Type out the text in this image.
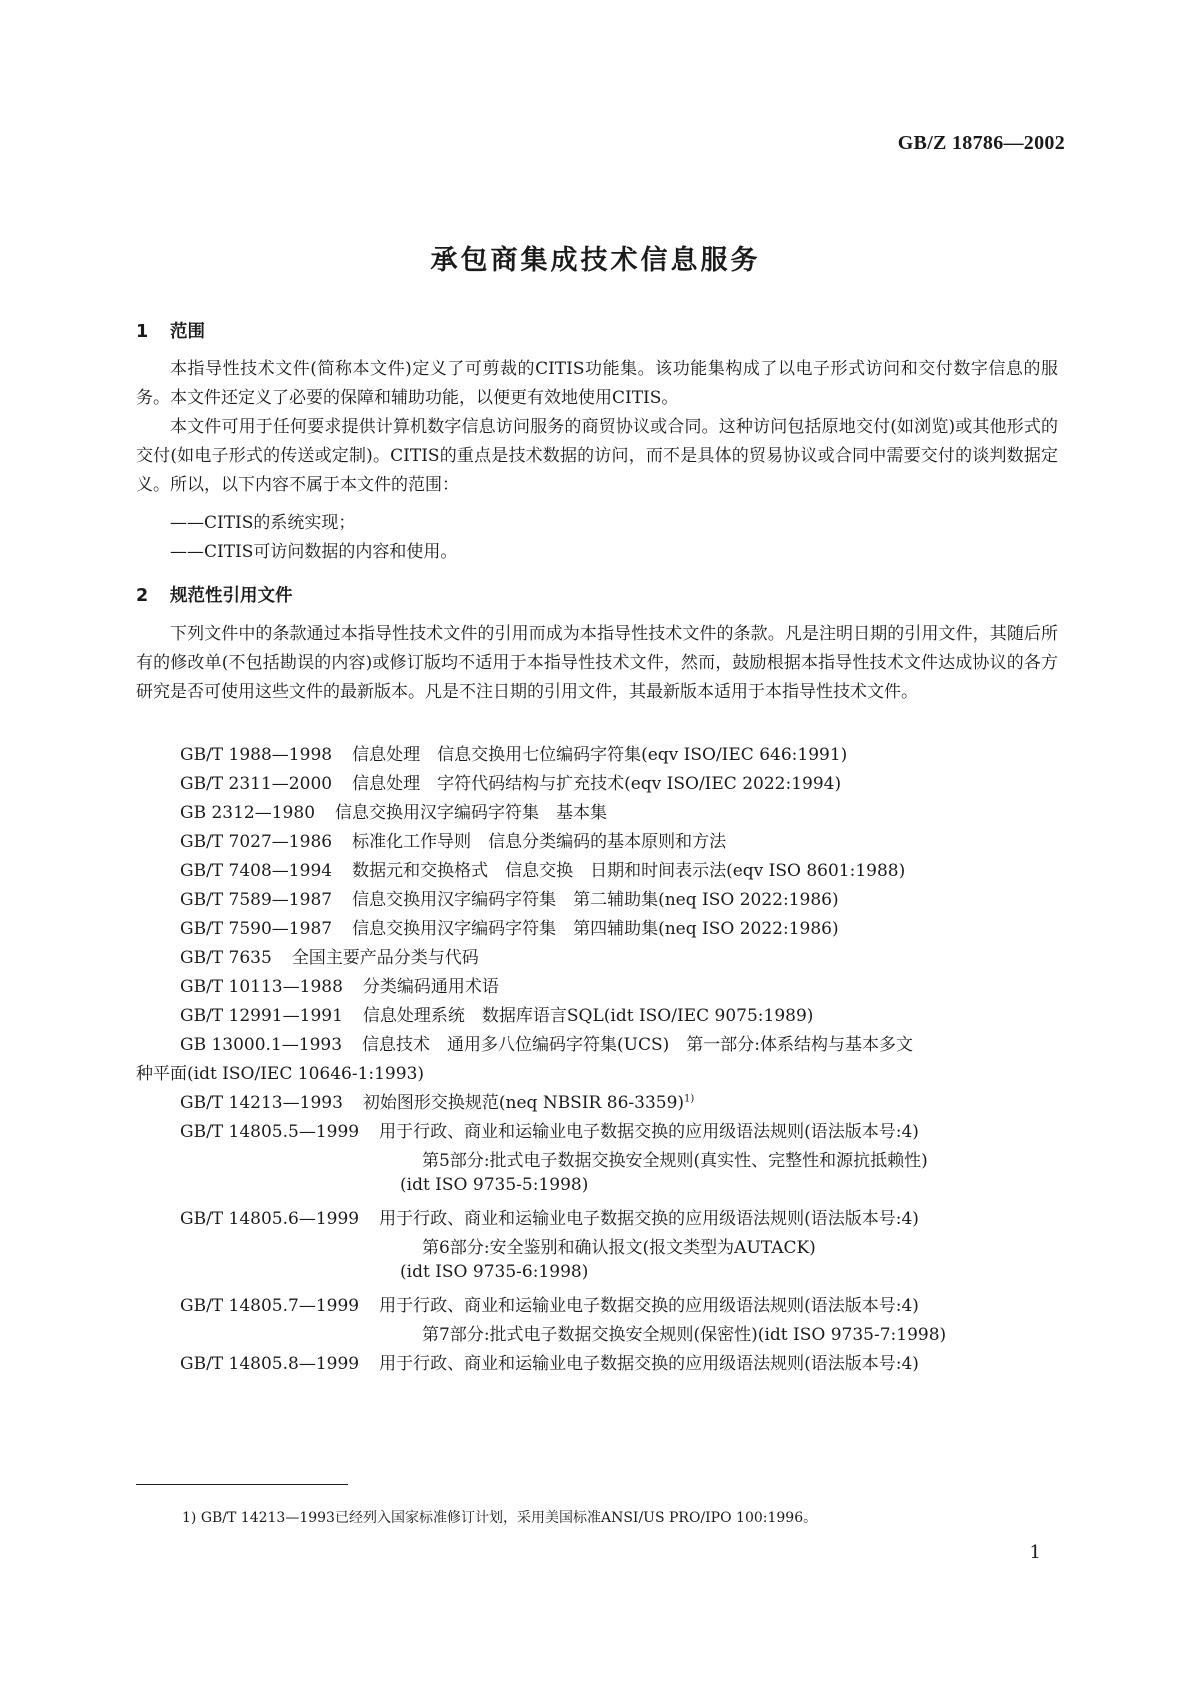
GB/Z 18786—2002
承包商集成技术信息服务
1 范围
本指导性技术文件(简称本文件)定义了可剪裁的CITIS功能集。该功能集构成了以电子形式访问和交付数字信息的服务。本文件还定义了必要的保障和辅助功能，以便更有效地使用CITIS。
本文件可用于任何要求提供计算机数字信息访问服务的商贸协议或合同。这种访问包括原地交付(如浏览)或其他形式的交付(如电子形式的传送或定制)。CITIS的重点是技术数据的访问，而不是具体的贸易协议或合同中需要交付的谈判数据定义。所以，以下内容不属于本文件的范围：
——CITIS的系统实现；
——CITIS可访问数据的内容和使用。
2 规范性引用文件
下列文件中的条款通过本指导性技术文件的引用而成为本指导性技术文件的条款。凡是注明日期的引用文件，其随后所有的修改单(不包括勘误的内容)或修订版均不适用于本指导性技术文件，然而，鼓励根据本指导性技术文件达成协议的各方研究是否可使用这些文件的最新版本。凡是不注日期的引用文件，其最新版本适用于本指导性技术文件。
GB/T 1988—1998 信息处理　信息交换用七位编码字符集(eqv ISO/IEC 646:1991)
GB/T 2311—2000 信息处理　字符代码结构与扩充技术(eqv ISO/IEC 2022:1994)
GB 2312—1980 信息交换用汉字编码字符集　基本集
GB/T 7027—1986 标准化工作导则　信息分类编码的基本原则和方法
GB/T 7408—1994 数据元和交换格式　信息交换　日期和时间表示法(eqv ISO 8601:1988)
GB/T 7589—1987 信息交换用汉字编码字符集　第二辅助集(neq ISO 2022:1986)
GB/T 7590—1987 信息交换用汉字编码字符集　第四辅助集(neq ISO 2022:1986)
GB/T 7635 全国主要产品分类与代码
GB/T 10113—1988 分类编码通用术语
GB/T 12991—1991 信息处理系统　数据库语言SQL(idt ISO/IEC 9075:1989)
GB 13000.1—1993 信息技术　通用多八位编码字符集(UCS)　第一部分:体系结构与基本多文
种平面(idt ISO/IEC 10646-1:1993)
GB/T 14213—1993 初始图形交换规范(neq NBSIR 86-3359)$^{1)}$
GB/T 14805.5—1999 用于行政、商业和运输业电子数据交换的应用级语法规则(语法版本号:4)
第5部分:批式电子数据交换安全规则(真实性、完整性和源抗抵赖性)
(idt ISO 9735-5:1998)
GB/T 14805.6—1999 用于行政、商业和运输业电子数据交换的应用级语法规则(语法版本号:4)
第6部分:安全鉴别和确认报文(报文类型为AUTACK)
(idt ISO 9735-6:1998)
GB/T 14805.7—1999 用于行政、商业和运输业电子数据交换的应用级语法规则(语法版本号:4)
第7部分:批式电子数据交换安全规则(保密性)(idt ISO 9735-7:1998)
GB/T 14805.8—1999 用于行政、商业和运输业电子数据交换的应用级语法规则(语法版本号:4)
1) GB/T 14213—1993已经列入国家标准修订计划，采用美国标准ANSI/US PRO/IPO 100:1996。
1
